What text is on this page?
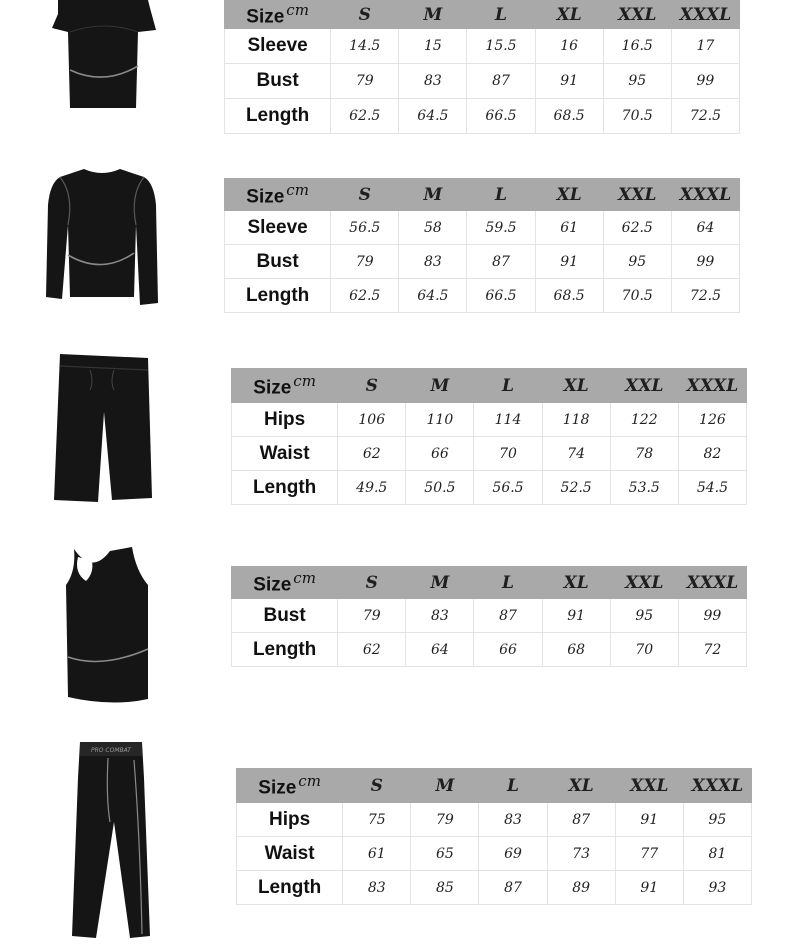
Size $^{cm}$	S	M	L	XL	XXL	XXXL
Sleeve	14.5	15	15.5	16	16.5	17
Bust	79	83	87	91	95	99
Length	62.5	64.5	66.5	68.5	70.5	72.5
Size $^{cm}$	S	M	L	XL	XXL	XXXL
Sleeve	56.5	58	59.5	61	62.5	64
Bust	79	83	87	91	95	99
Length	62.5	64.5	66.5	68.5	70.5	72.5
Size $^{cm}$	S	M	L	XL	XXL	XXXL
Hips	106	110	114	118	122	126
Waist	62	66	70	74	78	82
Length	49.5	50.5	56.5	52.5	53.5	54.5
Size $^{cm}$	S	M	L	XL	XXL	XXXL
Bust	79	83	87	91	95	99
Length	62	64	66	68	70	72
PRO COMBAT
Size $^{cm}$	S	M	L	XL	XXL	XXXL
Hips	75	79	83	87	91	95
Waist	61	65	69	73	77	81
Length	83	85	87	89	91	93
